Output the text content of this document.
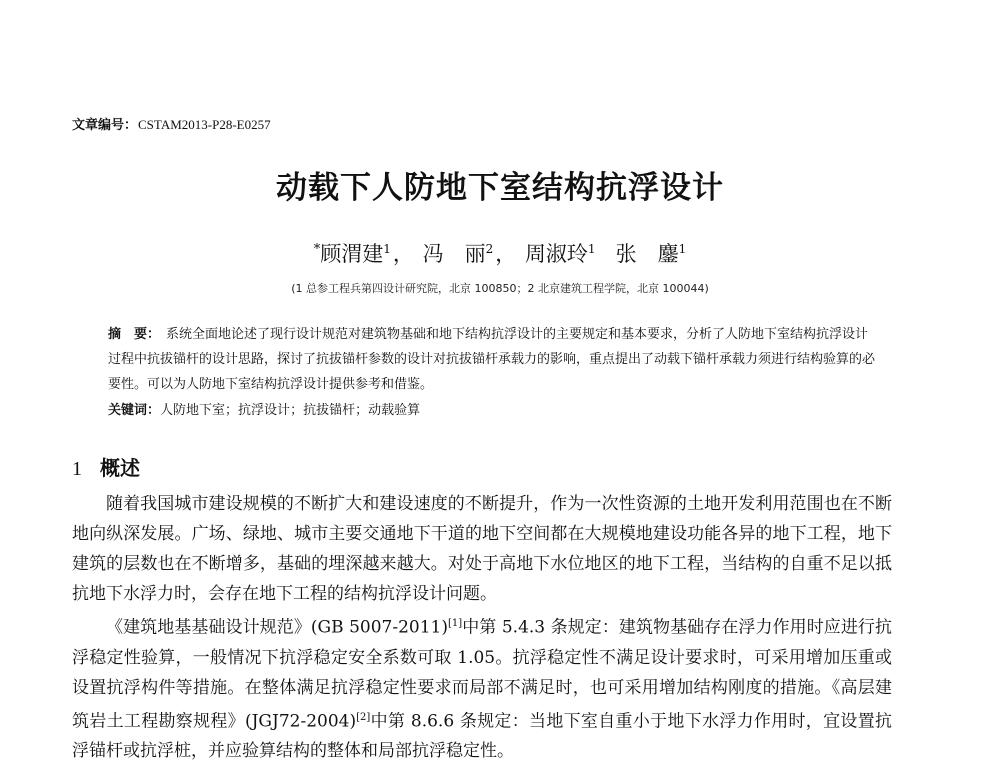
文章编号：CSTAM2013-P28-E0257
动载下人防地下室结构抗浮设计
*顾渭建$^1$， 冯　丽$^2$， 周淑玲$^1$ 张　鏖$^1$
(1 总参工程兵第四设计研究院，北京 100850；2 北京建筑工程学院，北京 100044)
摘　要： 系统全面地论述了现行设计规范对建筑物基础和地下结构抗浮设计的主要规定和基本要求，分析了人防地下室结构抗浮设计过程中抗拔锚杆的设计思路，探讨了抗拔锚杆参数的设计对抗拔锚杆承载力的影响，重点提出了动载下锚杆承载力须进行结构验算的必要性。可以为人防地下室结构抗浮设计提供参考和借鉴。
关键词：人防地下室 ； 抗浮设计 ； 抗拔锚杆 ； 动载验算
1 概述

随着我国城市建设规模的不断扩大和建设速度的不断提升，作为一次性资源的土地开发利用范围也在不断地向纵深发展。广场、绿地、城市主要交通地下干道的地下空间都在大规模地建设功能各异的地下工程，地下建筑的层数也在不断增多，基础的埋深越来越大。对处于高地下水位地区的地下工程，当结构的自重不足以抵抗地下水浮力时，会存在地下工程的结构抗浮设计问题。

《建筑地基基础设计规范》(GB 5007-2011)[1]中第 5.4.3 条规定：建筑物基础存在浮力作用时应进行抗浮稳定性验算，一般情况下抗浮稳定安全系数可取 1.05。抗浮稳定性不满足设计要求时，可采用增加压重或设置抗浮构件等措施。在整体满足抗浮稳定性要求而局部不满足时，也可采用增加结构刚度的措施。《高层建筑岩土工程勘察规程》(JGJ72-2004)[2]中第 8.6.6 条规定：当地下室自重小于地下水浮力作用时，宜设置抗浮锚杆或抗浮桩，并应验算结构的整体和局部抗浮稳定性。
